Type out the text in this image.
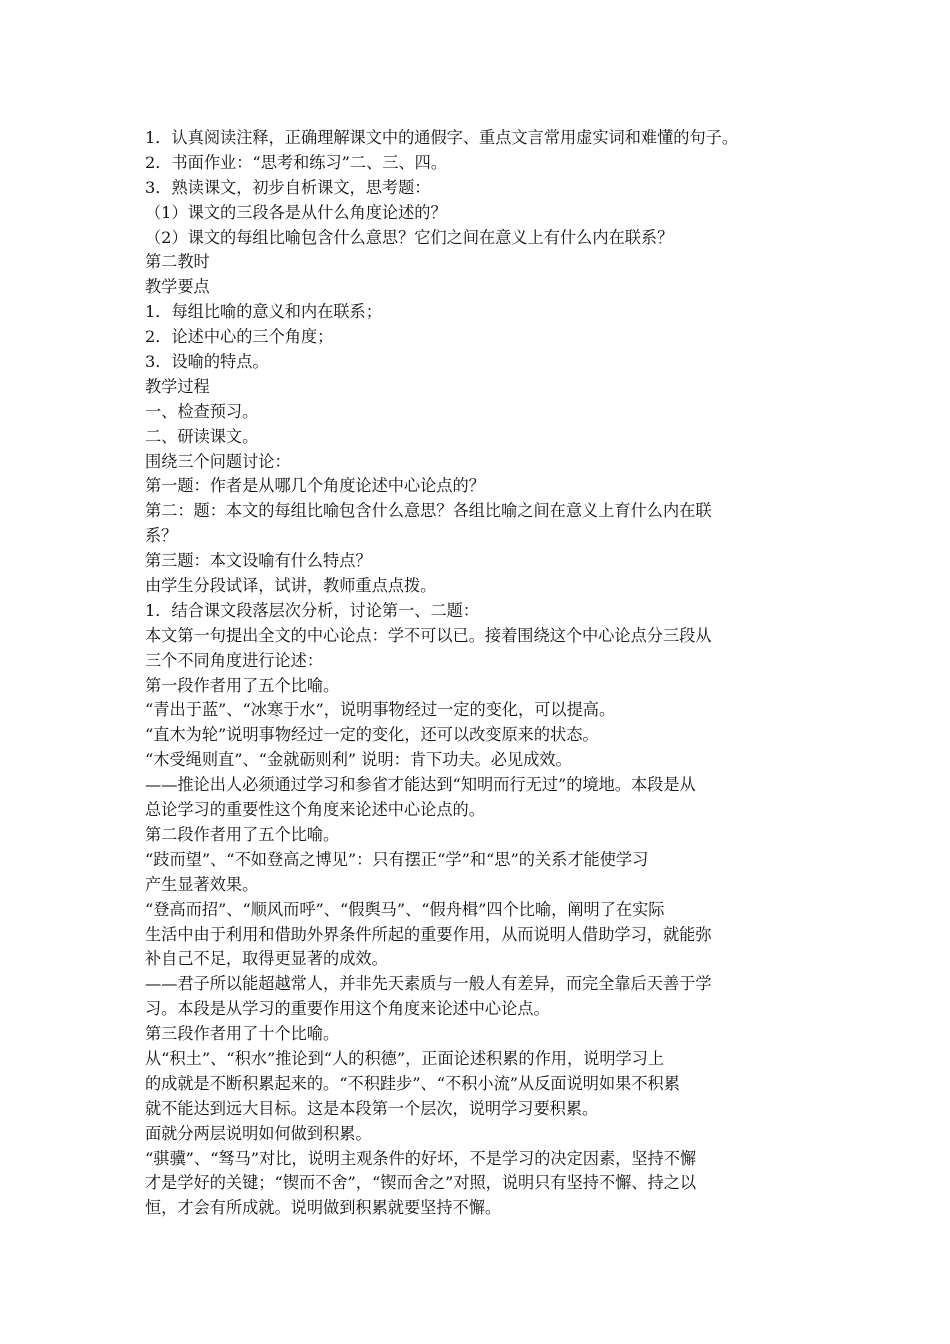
1．认真阅读注释，正确理解课文中的通假字、重点文言常用虚实词和难懂的句子。
2．书面作业：“思考和练习”二、三、四。
3．熟读课文，初步自析课文，思考题：
（1）课文的三段各是从什么角度论述的？
（2）课文的每组比喻包含什么意思？它们之间在意义上有什么内在联系？
第二教时
教学要点
1．每组比喻的意义和内在联系；
2．论述中心的三个角度；
3．设喻的特点。
教学过程
一、检查预习。
二、研读课文。
围绕三个问题讨论：
第一题：作者是从哪几个角度论述中心论点的？
第二：题：本文的每组比喻包含什么意思？各组比喻之间在意义上育什么内在联
系？
第三题：本文设喻有什么特点？
由学生分段试译，试讲，教师重点点拨。
1．结合课文段落层次分析，讨论第一、二题：
本文第一句提出全文的中心论点：学不可以已。接着围绕这个中心论点分三段从
三个不同角度进行论述：
第一段作者用了五个比喻。
“青出于蓝”、“冰寒于水”，说明事物经过一定的变化，可以提高。
“直木为轮”说明事物经过一定的变化，还可以改变原来的状态。
“木受绳则直”、“金就砺则利” 说明：肯下功夫。必见成效。
——推论出人必须通过学习和参省才能达到“知明而行无过”的境地。本段是从
总论学习的重要性这个角度来论述中心论点的。
第二段作者用了五个比喻。
“跂而望”、“不如登高之博见”：只有摆正“学”和“思”的关系才能使学习
产生显著效果。
“登高而招”、“顺风而呼”、“假舆马”、“假舟楫”四个比喻，阐明了在实际
生活中由于利用和借助外界条件所起的重要作用，从而说明人借助学习，就能弥
补自己不足，取得更显著的成效。
——君子所以能超越常人，并非先天素质与一般人有差异，而完全靠后天善于学
习。本段是从学习的重要作用这个角度来论述中心论点。
第三段作者用了十个比喻。
从“积土”、“积水”推论到“人的积德”，正面论述积累的作用，说明学习上
的成就是不断积累起来的。“不积跬步”、“不积小流”从反面说明如果不积累
就不能达到远大目标。这是本段第一个层次，说明学习要积累。
面就分两层说明如何做到积累。
“骐骥”、“驽马”对比，说明主观条件的好坏，不是学习的决定因素，坚持不懈
才是学好的关键；“锲而不舍”，“锲而舍之”对照，说明只有坚持不懈、持之以
恒，才会有所成就。说明做到积累就要坚持不懈。
